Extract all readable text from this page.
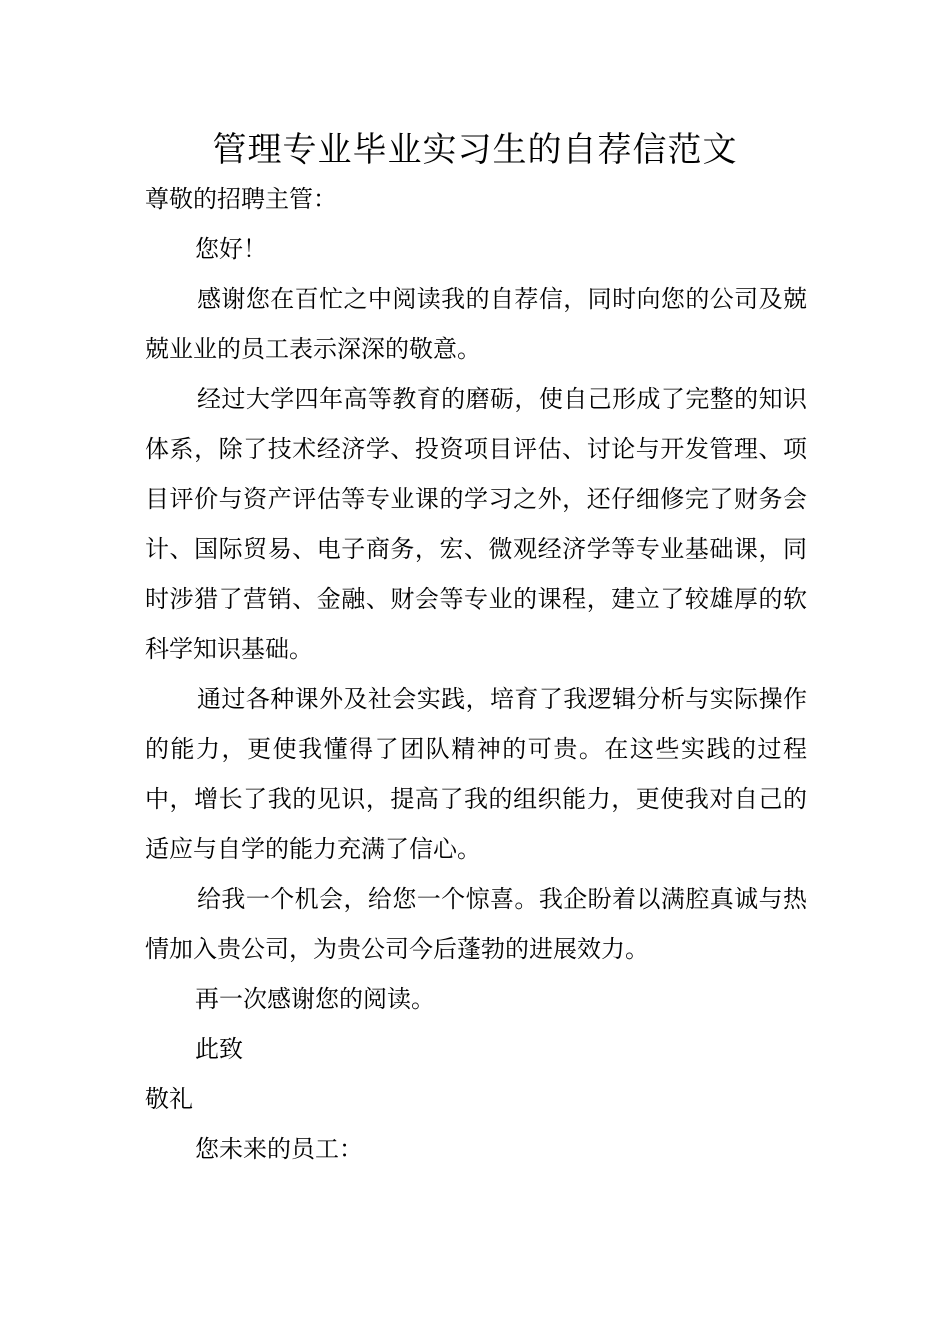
管理专业毕业实习生的自荐信范文

尊敬的招聘主管：

您好！

感谢您在百忙之中阅读我的自荐信，同时向您的公司及兢兢业业的员工表示深深的敬意。

经过大学四年高等教育的磨砺，使自己形成了完整的知识体系，除了技术经济学、投资项目评估、讨论与开发管理、项目评价与资产评估等专业课的学习之外，还仔细修完了财务会计、国际贸易、电子商务，宏、微观经济学等专业基础课，同时涉猎了营销、金融、财会等专业的课程，建立了较雄厚的软科学知识基础。

通过各种课外及社会实践，培育了我逻辑分析与实际操作的能力，更使我懂得了团队精神的可贵。在这些实践的过程中，增长了我的见识，提高了我的组织能力，更使我对自己的适应与自学的能力充满了信心。

给我一个机会，给您一个惊喜。我企盼着以满腔真诚与热情加入贵公司，为贵公司今后蓬勃的进展效力。

再一次感谢您的阅读。

此致

敬礼

您未来的员工：
